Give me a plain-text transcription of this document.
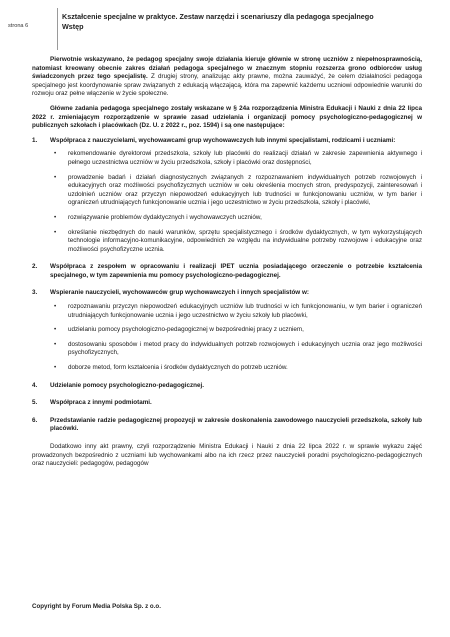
strona 6
Kształcenie specjalne w praktyce. Zestaw narzędzi i scenariuszy dla pedagoga specjalnego
Wstęp

Pierwotnie wskazywano, że pedagog specjalny swoje działania kieruje głównie w stronę uczniów z niepełnosprawnością, natomiast kreowany obecnie zakres działań pedagoga specjalnego w znacznym stopniu rozszerza grono odbiorców usług świadczonych przez tego specjalistę. Z drugiej strony, analizując akty prawne, można zauważyć, że celem działalności pedagoga specjalnego jest koordynowanie spraw związanych z edukacją włączającą, która ma zapewnić każdemu uczniowi odpowiednie warunki do rozwoju oraz pełne włączenie w życie społeczne.

Główne zadania pedagoga specjalnego zostały wskazane w § 24a rozporządzenia Ministra Edukacji i Nauki z dnia 22 lipca 2022 r. zmieniającym rozporządzenie w sprawie zasad udzielania i organizacji pomocy psychologiczno-pedagogicznej w publicznych szkołach i placówkach (Dz. U. z 2022 r., poz. 1594) i są one następujące:

1. Współpraca z nauczycielami, wychowawcami grup wychowawczych lub innymi specjalistami, rodzicami i uczniami:
• rekomendowanie dyrektorowi przedszkola, szkoły lub placówki do realizacji działań w zakresie zapewnienia aktywnego i pełnego uczestnictwa uczniów w życiu przedszkola, szkoły i placówki oraz dostępności,
• prowadzenie badań i działań diagnostycznych związanych z rozpoznawaniem indywidualnych potrzeb rozwojowych i edukacyjnych oraz możliwości psychofizycznych uczniów w celu określenia mocnych stron, predyspozycji, zainteresowań i uzdolnień uczniów oraz przyczyn niepowodzeń edukacyjnych lub trudności w funkcjonowaniu uczniów, w tym barier i ograniczeń utrudniających funkcjonowanie ucznia i jego uczestnictwo w życiu przedszkola, szkoły i placówki,
• rozwiązywanie problemów dydaktycznych i wychowawczych uczniów,
• określanie niezbędnych do nauki warunków, sprzętu specjalistycznego i środków dydaktycznych, w tym wykorzystujących technologie informacyjno-komunikacyjne, odpowiednich ze względu na indywidualne potrzeby rozwojowe i edukacyjne oraz możliwości psychofizyczne ucznia.
2. Współpraca z zespołem w opracowaniu i realizacji IPET ucznia posiadającego orzeczenie o potrzebie kształcenia specjalnego, w tym zapewnienia mu pomocy psychologiczno-pedagogicznej.
3. Wspieranie nauczycieli, wychowawców grup wychowawczych i innych specjalistów w:
• rozpoznawaniu przyczyn niepowodzeń edukacyjnych uczniów lub trudności w ich funkcjonowaniu, w tym barier i ograniczeń utrudniających funkcjonowanie ucznia i jego uczestnictwo w życiu szkoły lub placówki,
• udzielaniu pomocy psychologiczno-pedagogicznej w bezpośredniej pracy z uczniem,
• dostosowaniu sposobów i metod pracy do indywidualnych potrzeb rozwojowych i edukacyjnych ucznia oraz jego możliwości psychofizycznych,
• doborze metod, form kształcenia i środków dydaktycznych do potrzeb uczniów.
4. Udzielanie pomocy psychologiczno-pedagogicznej.
5. Współpraca z innymi podmiotami.
6. Przedstawianie radzie pedagogicznej propozycji w zakresie doskonalenia zawodowego nauczycieli przedszkola, szkoły lub placówki.

Dodatkowo inny akt prawny, czyli rozporządzenie Ministra Edukacji i Nauki z dnia 22 lipca 2022 r. w sprawie wykazu zajęć prowadzonych bezpośrednio z uczniami lub wychowankami albo na ich rzecz przez nauczycieli poradni psychologiczno-pedagogicznych oraz nauczycieli: pedagogów, pedagogów

Copyright by Forum Media Polska Sp. z o.o.
